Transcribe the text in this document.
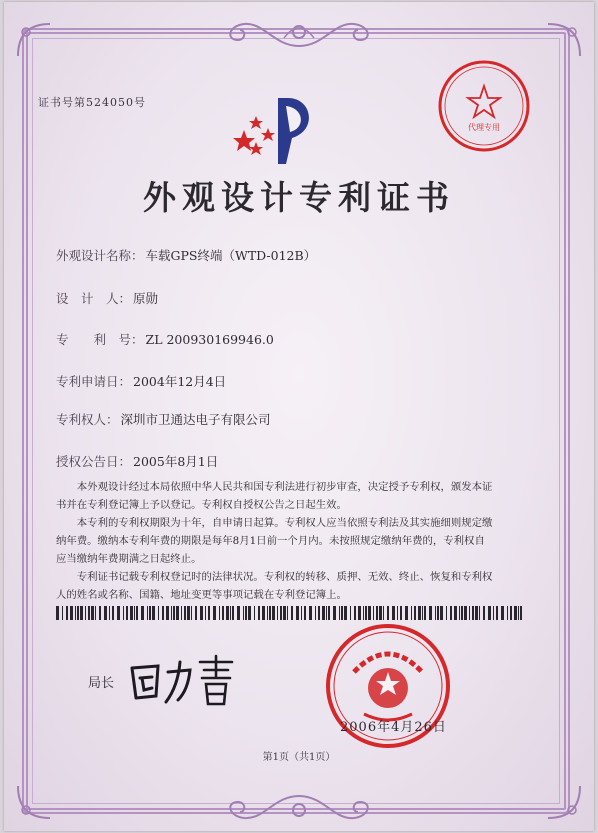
证书号第524050号
代理专用
外观设计专利证书
外观设计名称： 车载GPS终端（WTD-012B）
设　计　人： 原勋
专　　利　号： ZL 200930169946.0
专利申请日： 2004年12月4日
专利权人： 深圳市卫通达电子有限公司
授权公告日： 2005年8月1日

本外观设计经过本局依照中华人民共和国专利法进行初步审查，决定授予专利权，颁发本证书并在专利登记簿上予以登记。专利权自授权公告之日起生效。

本专利的专利权期限为十年，自申请日起算。专利权人应当依照专利法及其实施细则规定缴纳年费。缴纳本专利年费的期限是每年8月1日前一个月内。未按照规定缴纳年费的，专利权自应当缴纳年费期满之日起终止。

专利证书记载专利权登记时的法律状况。专利权的转移、质押、无效、终止、恢复和专利权人的姓名或名称、国籍、地址变更等事项记载在专利登记簿上。

局长
2006年4月26日
第1页（共1页）
